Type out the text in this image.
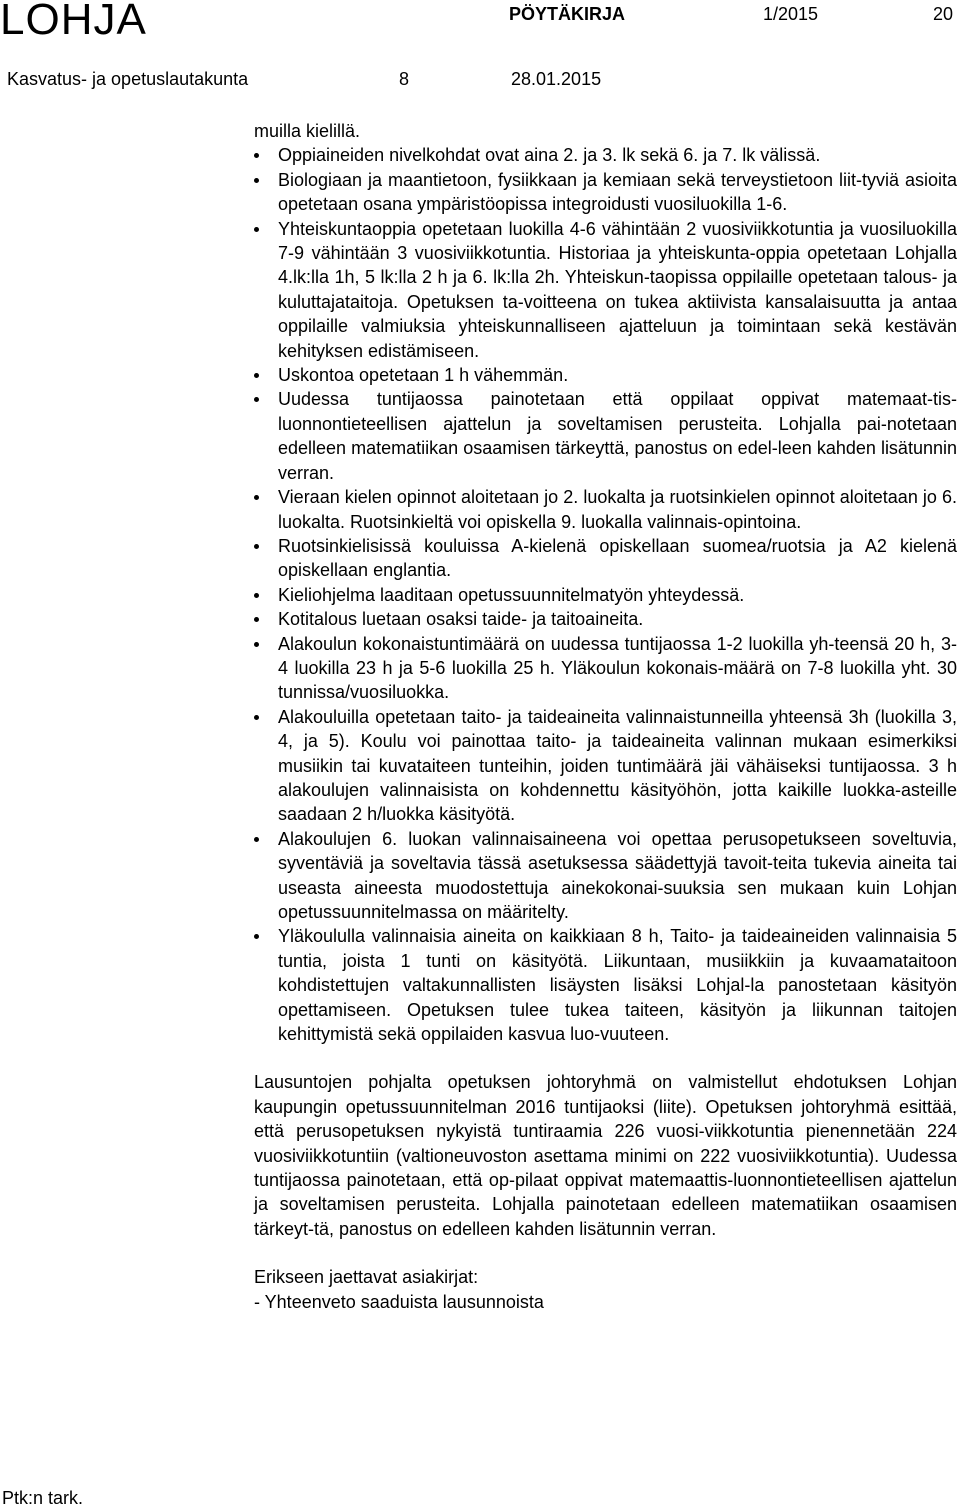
LOHJA	PÖYTÄKIRJA	1/2015	20
Kasvatus- ja opetuslautakunta	8	28.01.2015

muilla kielillä.

Oppiaineiden nivelkohdat ovat aina 2. ja 3. lk sekä 6. ja 7. lk välissä.
Biologiaan ja maantietoon, fysiikkaan ja kemiaan sekä terveystietoon liit-tyviä asioita opetetaan osana ympäristöopissa integroidusti vuosiluokilla 1-6.
Yhteiskuntaoppia opetetaan luokilla 4-6 vähintään 2 vuosiviikkotuntia ja vuosiluokilla 7-9 vähintään 3 vuosiviikkotuntia. Historiaa ja yhteiskunta-oppia opetetaan Lohjalla 4.lk:lla 1h, 5 lk:lla 2 h ja 6. lk:lla 2h. Yhteiskun-taopissa oppilaille opetetaan talous- ja kuluttajataitoja. Opetuksen ta-voitteena on tukea aktiivista kansalaisuutta ja antaa oppilaille valmiuksia yhteiskunnalliseen ajatteluun ja toimintaan sekä kestävän kehityksen edistämiseen.
Uskontoa opetetaan 1 h vähemmän.
Uudessa tuntijaossa painotetaan että oppilaat oppivat matemaat-tis-luonnontieteellisen ajattelun ja soveltamisen perusteita. Lohjalla pai-notetaan edelleen matematiikan osaamisen tärkeyttä, panostus on edel-leen kahden lisätunnin verran.
Vieraan kielen opinnot aloitetaan jo 2. luokalta ja ruotsinkielen opinnot aloitetaan jo 6. luokalta. Ruotsinkieltä voi opiskella 9. luokalla valinnais-opintoina.
Ruotsinkielisissä kouluissa A-kielenä opiskellaan suomea/ruotsia ja A2 kielenä opiskellaan englantia.
Kieliohjelma laaditaan opetussuunnitelmatyön yhteydessä.
Kotitalous luetaan osaksi taide- ja taitoaineita.
Alakoulun kokonaistuntimäärä on uudessa tuntijaossa 1-2 luokilla yh-teensä 20 h, 3-4 luokilla 23 h ja 5-6 luokilla 25 h. Yläkoulun kokonais-määrä on 7-8 luokilla yht. 30 tunnissa/vuosiluokka.
Alakouluilla opetetaan taito- ja taideaineita valinnaistunneilla yhteensä 3h (luokilla 3, 4, ja 5). Koulu voi painottaa taito- ja taideaineita valinnan mukaan esimerkiksi musiikin tai kuvataiteen tunteihin, joiden tuntimäärä jäi vähäiseksi tuntijaossa. 3 h alakoulujen valinnaisista on kohdennettu käsityöhön, jotta kaikille luokka-asteille saadaan 2 h/luokka käsityötä.
Alakoulujen 6. luokan valinnaisaineena voi opettaa perusopetukseen soveltuvia, syventäviä ja soveltavia tässä asetuksessa säädettyjä tavoit-teita tukevia aineita tai useasta aineesta muodostettuja ainekokonai-suuksia sen mukaan kuin Lohjan opetussuunnitelmassa on määritelty.
Yläkoululla valinnaisia aineita on kaikkiaan 8 h, Taito- ja taideaineiden valinnaisia 5 tuntia, joista 1 tunti on käsityötä. Liikuntaan, musiikkiin ja kuvaamataitoon kohdistettujen valtakunnallisten lisäysten lisäksi Lohjal-la panostetaan käsityön opettamiseen. Opetuksen tulee tukea taiteen, käsityön ja liikunnan taitojen kehittymistä sekä oppilaiden kasvua luo-vuuteen.

Lausuntojen pohjalta opetuksen johtoryhmä on valmistellut ehdotuksen Lohjan kaupungin opetussuunnitelman 2016 tuntijaoksi (liite). Opetuksen johtoryhmä esittää, että perusopetuksen nykyistä tuntiraamia 226 vuosi-viikkotuntia pienennetään 224 vuosiviikkotuntiin (valtioneuvoston asettama minimi on 222 vuosiviikkotuntia). Uudessa tuntijaossa painotetaan, että op-pilaat oppivat matemaattis-luonnontieteellisen ajattelun ja soveltamisen perusteita. Lohjalla painotetaan edelleen matematiikan osaamisen tärkeyt-tä, panostus on edelleen kahden lisätunnin verran.

Erikseen jaettavat asiakirjat:

- Yhteenveto saaduista lausunnoista

Ptk:n tark.
